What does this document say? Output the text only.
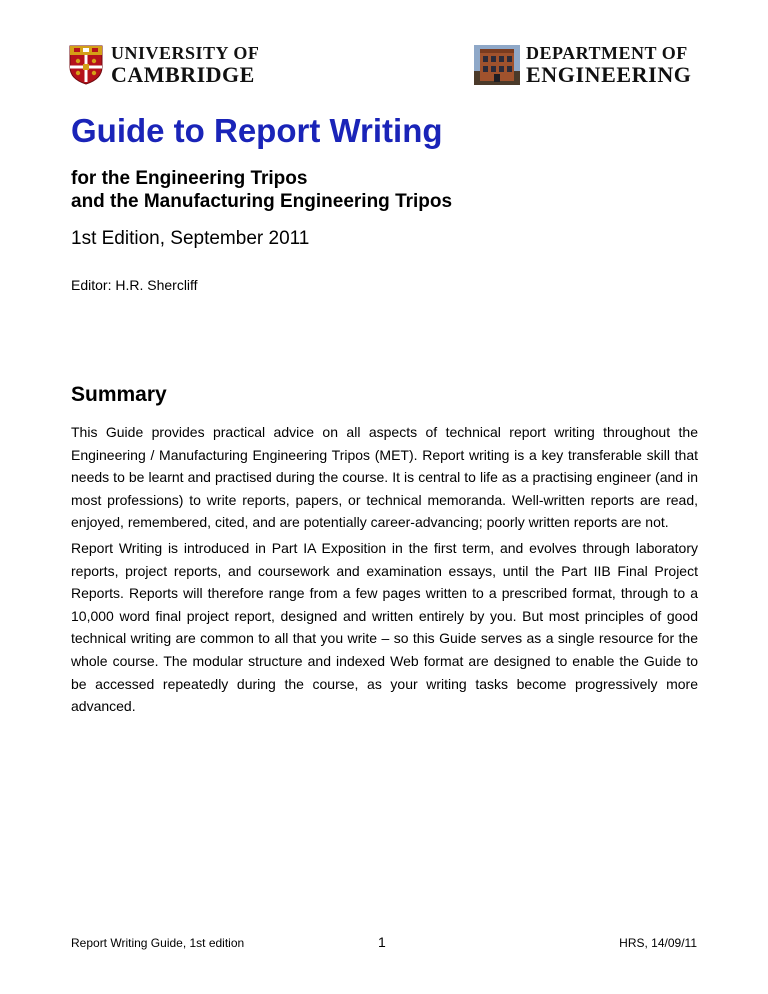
UNIVERSITY OF
CAMBRIDGE
DEPARTMENT OF
ENGINEERING
Guide to Report Writing
for the Engineering Tripos
and the Manufacturing Engineering Tripos
1st Edition, September 2011
Editor: H.R. Shercliff
Summary

This Guide provides practical advice on all aspects of technical report writing throughout the Engineering / Manufacturing Engineering Tripos (MET). Report writing is a key transferable skill that needs to be learnt and practised during the course. It is central to life as a practising engineer (and in most professions) to write reports, papers, or technical memoranda. Well-written reports are read, enjoyed, remembered, cited, and are potentially career-advancing; poorly written reports are not.

Report Writing is introduced in Part IA Exposition in the first term, and evolves through laboratory reports, project reports, and coursework and examination essays, until the Part IIB Final Project Reports. Reports will therefore range from a few pages written to a prescribed format, through to a 10,000 word final project report, designed and written entirely by you. But most principles of good technical writing are common to all that you write – so this Guide serves as a single resource for the whole course. The modular structure and indexed Web format are designed to enable the Guide to be accessed repeatedly during the course, as your writing tasks become progressively more advanced.

Report Writing Guide, 1st edition	1	HRS, 14/09/11
